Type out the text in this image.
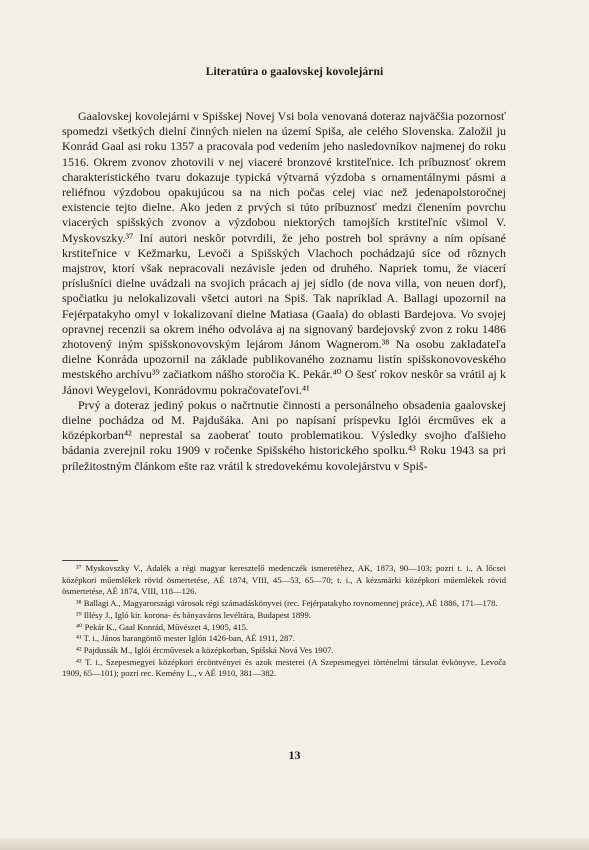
Literatúra o gaalovskej kovolejárni

Gaalovskej kovolejárni v Spišskej Novej Vsi bola venovaná doteraz najväčšia pozornosť spomedzi všetkých dielní činných nielen na území Spiša, ale celého Slovenska. Založil ju Konrád Gaal asi roku 1357 a pracovala pod vedením jeho nasledovníkov najmenej do roku 1516. Okrem zvonov zhotovili v nej viaceré bronzové krstiteľnice. Ich príbuznosť okrem charakteristického tvaru dokazuje typická výtvarná výzdoba s ornamentálnymi pásmi a reliéfnou výzdobou opakujúcou sa na nich počas celej viac než jedenapolstoročnej existencie tejto dielne. Ako jeden z prvých si túto príbuznosť medzi členením povrchu viacerých spišských zvonov a výzdobou niektorých tamojších krstiteľníc všimol V. Myskovszky.³⁷ Iní autori neskôr potvrdili, že jeho postreh bol správny a ním opísané krstiteľnice v Kežmarku, Levoči a Spišských Vlachoch pochádzajú síce od rôznych majstrov, ktorí však nepracovali nezávisle jeden od druhého. Napriek tomu, že viacerí príslušníci dielne uvádzali na svojich prácach aj jej sídlo (de nova villa, von neuen dorf), spočiatku ju nelokalizovali všetci autori na Spiš. Tak napríklad A. Ballagi upozornil na Fejérpatakyho omyl v lokalizovaní dielne Matiasa (Gaala) do oblasti Bardejova. Vo svojej opravnej recenzii sa okrem iného odvoláva aj na signovaný bardejovský zvon z roku 1486 zhotovený iným spišskonovovským lejárom Jánom Wagnerom.³⁸ Na osobu zakladateľa dielne Konráda upozornil na základe publikovaného zoznamu listín spišskonovoveského mestského archívu³⁹ začiatkom nášho storočia K. Pekár.⁴⁰ O šesť rokov neskôr sa vrátil aj k Jánovi Weygelovi, Konrádovmu pokračovateľovi.⁴¹

Prvý a doteraz jediný pokus o načrtnutie činnosti a personálneho obsadenia gaalovskej dielne pochádza od M. Pajdušáka. Ani po napísaní príspevku Iglói ércműves ek a középkorban⁴² neprestal sa zaoberať touto problematikou. Výsledky svojho ďalšieho bádania zverejnil roku 1909 v ročenke Spišského historického spolku.⁴³ Roku 1943 sa pri príležitostným článkom ešte raz vrátil k stredovekému kovolejárstvu v Spiš-

³⁷ Myskovszky V., Adalék a régi magyar keresztelő medenczék ismeretéhez, AK, 1873, 90—103; pozri t. i., A lőcsei középkori műemlékek rövid ösmertetése, AÉ 1874, VIII, 45—53, 65—70; t. i., A kézsmárki középkori műemlékek rövid ösmertetése, AÉ 1874, VIII, 118—126.
³⁸ Ballagi A., Magyarországi városok régi számadáskönyvei (rec. Fejérpatakyho rovnomennej práce), AÉ 1886, 171—178.
³⁹ Illésy J., Igló kir. korona- és bányaváros levéltára, Budapest 1899.
⁴⁰ Pekár K., Gaal Konrád, Művészet 4, 1905, 415.
⁴¹ T. i., János harangöntő mester Iglón 1426-ban, AÉ 1911, 287.
⁴² Pajdussák M., Iglói ércművesek a középkorban, Spišská Nová Ves 1907.
⁴³ T. i., Szepesmegyei középkori ércöntvényei és azok mesterei (A Szepesmegyei történelmi társulat évkönyve, Levoča 1909, 65—101); pozri rec. Kemény L., v AÉ 1910, 381—382.
13
